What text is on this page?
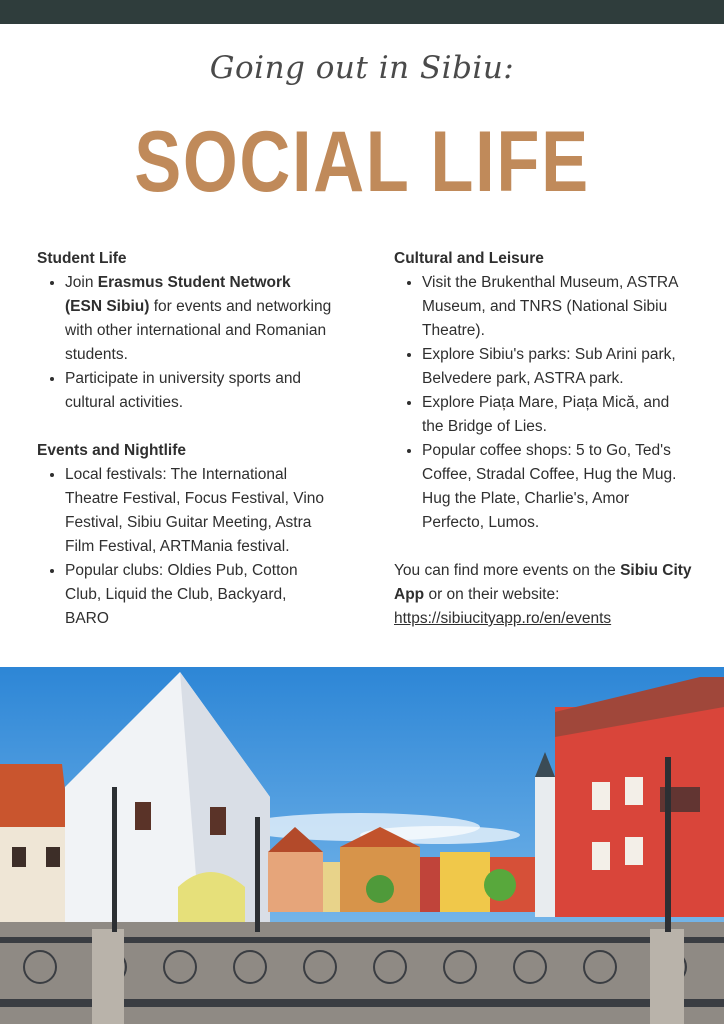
Going out in Sibiu:
SOCIAL LIFE

Student Life

• Join Erasmus Student Network (ESN Sibiu) for events and networking with other international and Romanian students.
• Participate in university sports and cultural activities.

Events and Nightlife

• Local festivals: The International Theatre Festival, Focus Festival, Vino Festival, Sibiu Guitar Meeting, Astra Film Festival, ARTMania festival.
• Popular clubs: Oldies Pub, Cotton Club, Liquid the Club, Backyard, BARO

Cultural and Leisure

• Visit the Brukenthal Museum, ASTRA Museum, and TNRS (National Sibiu Theatre).
• Explore Sibiu's parks: Sub Arini park, Belvedere park, ASTRA park.
• Explore Piața Mare, Piața Mică, and the Bridge of Lies.
• Popular coffee shops: 5 to Go, Ted's Coffee, Stradal Coffee, Hug the Mug. Hug the Plate, Charlie's, Amor Perfecto, Lumos.

You can find more events on the Sibiu City App or on their website:
https://sibiucityapp.ro/en/events
